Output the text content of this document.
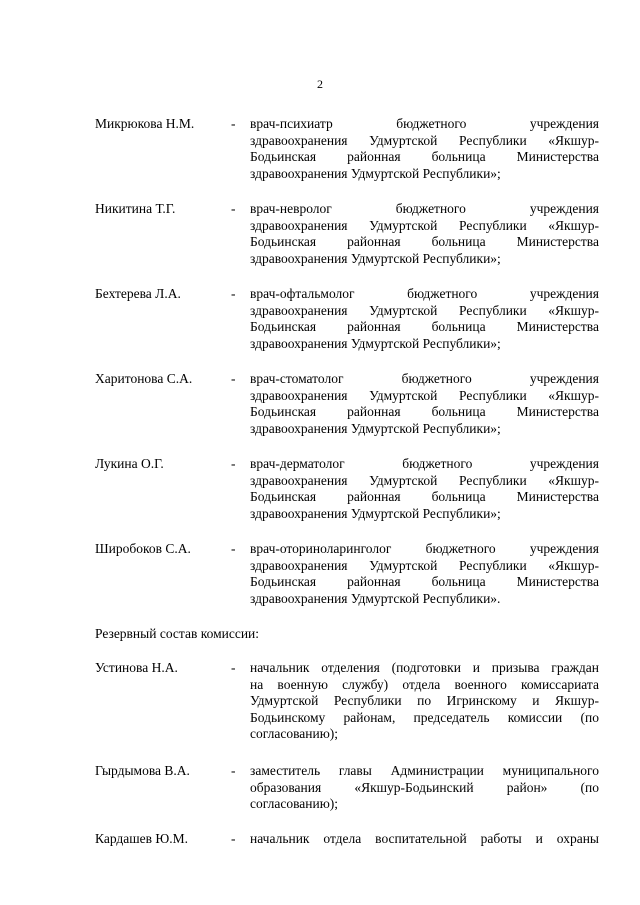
2
Микрюкова Н.М.	- врач-психиатр бюджетного учреждения
здравоохранения Удмуртской Республики «Якшур-
Бодьинская районная больница Министерства
здравоохранения Удмуртской Республики»;
Никитина Т.Г.	- врач-невролог бюджетного учреждения
здравоохранения Удмуртской Республики «Якшур-
Бодьинская районная больница Министерства
здравоохранения Удмуртской Республики»;
Бехтерева Л.А.	- врач-офтальмолог бюджетного учреждения
здравоохранения Удмуртской Республики «Якшур-
Бодьинская районная больница Министерства
здравоохранения Удмуртской Республики»;
Харитонова С.А.	- врач-стоматолог бюджетного учреждения
здравоохранения Удмуртской Республики «Якшур-
Бодьинская районная больница Министерства
здравоохранения Удмуртской Республики»;
Лукина О.Г.	- врач-дерматолог бюджетного учреждения
здравоохранения Удмуртской Республики «Якшур-
Бодьинская районная больница Министерства
здравоохранения Удмуртской Республики»;
Широбоков С.А.	- врач-оториноларинголог бюджетного учреждения
здравоохранения Удмуртской Республики «Якшур-
Бодьинская районная больница Министерства
здравоохранения Удмуртской Республики».
Резервный состав комиссии:
Устинова Н.А.	- начальник отделения (подготовки и призыва граждан
на военную службу) отдела военного комиссариата
Удмуртской Республики по Игринскому и Якшур-
Бодьинскому районам, председатель комиссии (по
согласованию);
Гырдымова В.А.	- заместитель главы Администрации муниципального
образования «Якшур-Бодьинский район» (по
согласованию);
Кардашев Ю.М.	- начальник отдела воспитательной работы и охраны
